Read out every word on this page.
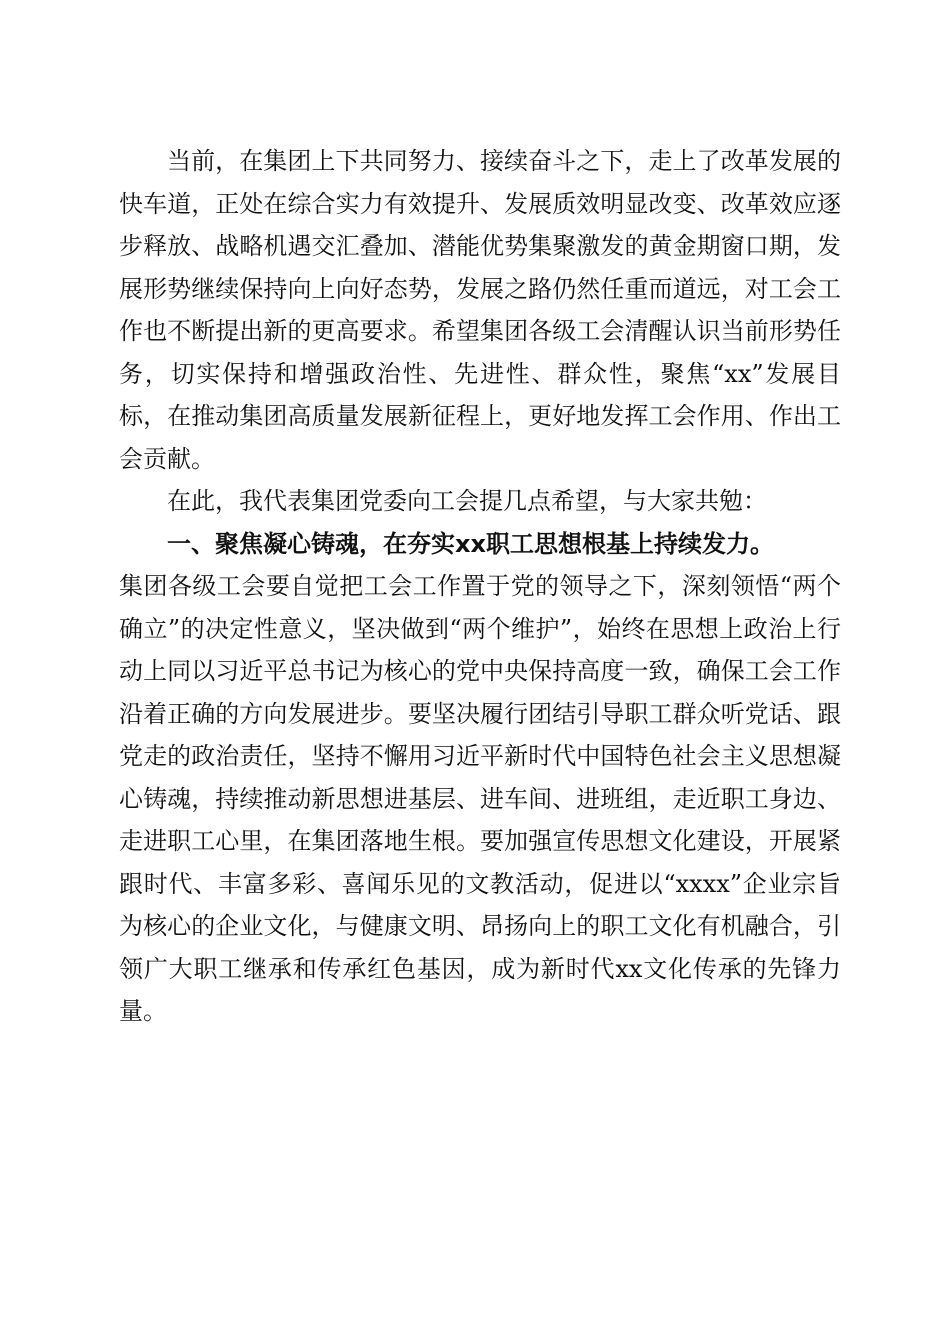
当前，在集团上下共同努力、接续奋斗之下，走上了改革发展的快车道，正处在综合实力有效提升、发展质效明显改变、改革效应逐步释放、战略机遇交汇叠加、潜能优势集聚激发的黄金期窗口期，发展形势继续保持向上向好态势，发展之路仍然任重而道远，对工会工作也不断提出新的更高要求。希望集团各级工会清醒认识当前形势任务，切实保持和增强政治性、先进性、群众性，聚焦“xx”发展目标，在推动集团高质量发展新征程上，更好地发挥工会作用、作出工会贡献。

在此，我代表集团党委向工会提几点希望，与大家共勉：

一、聚焦凝心铸魂，在夯实xx职工思想根基上持续发力。

集团各级工会要自觉把工会工作置于党的领导之下，深刻领悟“两个确立”的决定性意义，坚决做到“两个维护”，始终在思想上政治上行动上同以习近平总书记为核心的党中央保持高度一致，确保工会工作沿着正确的方向发展进步。要坚决履行团结引导职工群众听党话、跟党走的政治责任，坚持不懈用习近平新时代中国特色社会主义思想凝心铸魂，持续推动新思想进基层、进车间、进班组，走近职工身边、走进职工心里，在集团落地生根。要加强宣传思想文化建设，开展紧跟时代、丰富多彩、喜闻乐见的文教活动，促进以“xxxx”企业宗旨为核心的企业文化，与健康文明、昂扬向上的职工文化有机融合，引领广大职工继承和传承红色基因，成为新时代xx文化传承的先锋力量。
